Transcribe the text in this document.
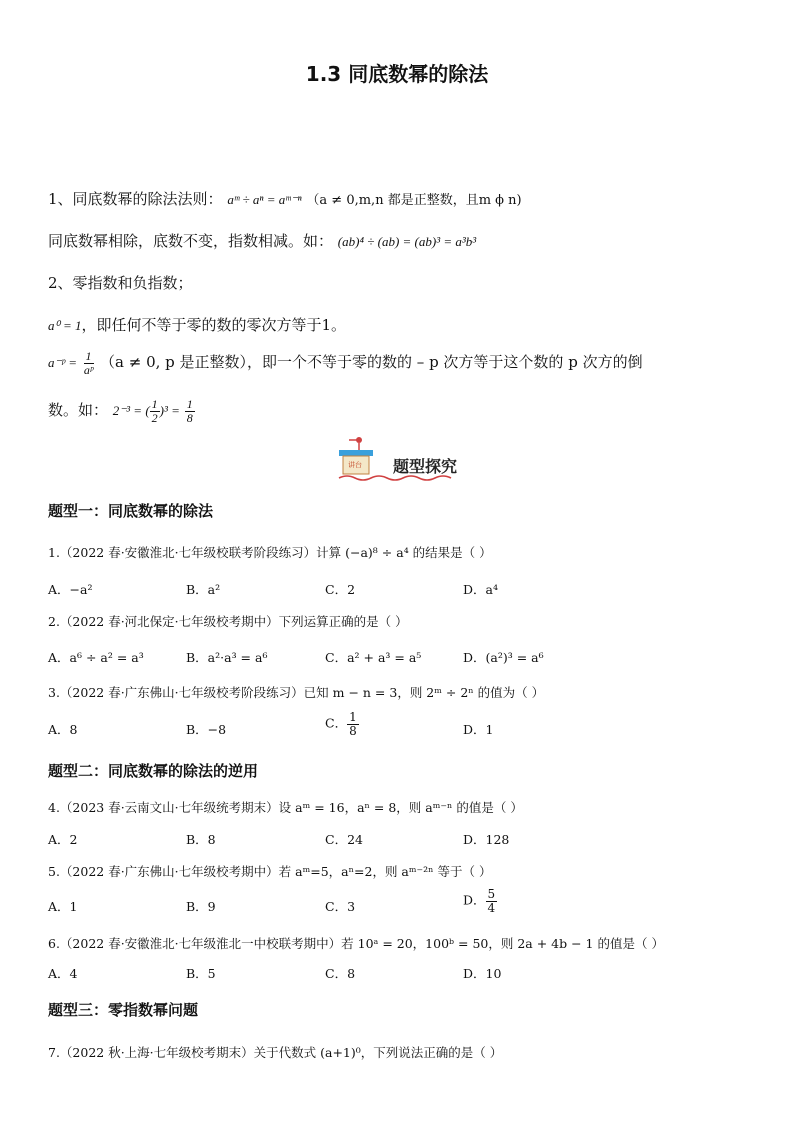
1.3 同底数幂的除法
1、同底数幂的除法法则： aᵐ ÷ aⁿ = aᵐ⁻ⁿ （a ≠ 0,m,n 都是正整数，且m ϕ n)
同底数幂相除，底数不变，指数相减。如： (ab)⁴ ÷ (ab) = (ab)³ = a³b³
2、零指数和负指数；
a⁰ = 1，即任何不等于零的数的零次方等于1。
a⁻ᵖ = $\frac{1}{\text{aᵖ}} (a \ne 0$, p 是正整数），即一个不等于零的数的 – p 次方等于这个数的 p 次方的倒
数。如： 2⁻³ = ( $\frac{1}{2} )^3 = \frac{1}{8}$
讲台 题型探究
题型一：同底数幂的除法
1.（2022 春·安徽淮北·七年级校联考阶段练习）计算 (−a)⁸ ÷ a⁴ 的结果是（ ）
A．−a²	B．a²	C．2	D．a⁴
2.（2022 春·河北保定·七年级校考期中）下列运算正确的是（ ）
A．a⁶ ÷ a² = a³	B．a²·a³ = a⁶	C．a² + a³ = a⁵	D．(a²)³ = a⁶
3.（2022 春·广东佛山·七年级校考阶段练习）已知 m − n = 3，则 2ᵐ ÷ 2ⁿ 的值为（ ）
A．8	B．−8	C． $\frac{1}{8}$	D．1
题型二：同底数幂的除法的逆用
4.（2023 春·云南文山·七年级统考期末）设 aᵐ = 16，aⁿ = 8，则 aᵐ⁻ⁿ 的值是（ ）
A．2	B．8	C．24	D．128
5.（2022 春·广东佛山·七年级校考期中）若 aᵐ=5，aⁿ=2，则 aᵐ⁻²ⁿ 等于（ ）
A．1	B．9	C．3	D． $\frac{5}{4}$
6.（2022 春·安徽淮北·七年级淮北一中校联考期中）若 10ᵃ = 20，100ᵇ = 50，则 2a + 4b − 1 的值是（ ）
A．4	B．5	C．8	D．10
题型三：零指数幂问题
7.（2022 秋·上海·七年级校考期末）关于代数式 (a+1)⁰，下列说法正确的是（ ）
